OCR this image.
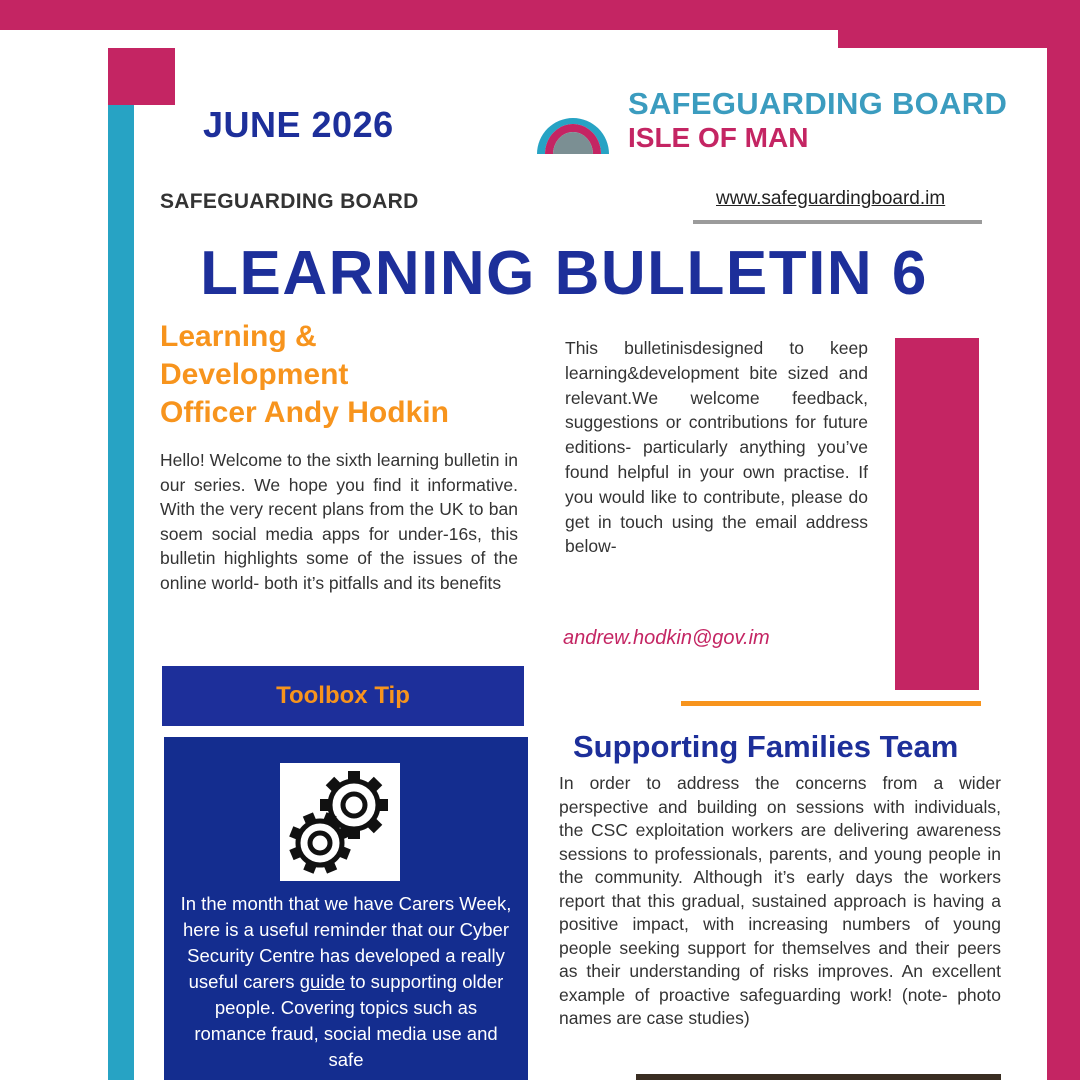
JUNE 2026
SAFEGUARDING BOARD
ISLE OF MAN
SAFEGUARDING BOARD	www.safeguardingboard.im
LEARNING BULLETIN 6
Learning &
Development
Officer Andy Hodkin
Hello! Welcome to the sixth learning bulletin in our series. We hope you find it informative. With the very recent plans from the UK to ban soem social media apps for under-16s, this bulletin highlights some of the issues of the online world- both it’s pitfalls and its benefits
This bulletinisdesigned to keep learning&development bite sized and relevant.We welcome feedback, suggestions or contributions for future editions- particularly anything you’ve found helpful in your own practise. If you would like to contribute, please do get in touch using the email address below-
andrew.hodkin@gov.im
Toolbox Tip
In the month that we have Carers Week, here is a useful reminder that our Cyber Security Centre has developed a really useful carers guide to supporting older people. Covering topics such as romance fraud, social media use and safe
Supporting Families Team
In order to address the concerns from a wider perspective and building on sessions with individuals, the CSC exploitation workers are delivering awareness sessions to professionals, parents, and young people in the community. Although it’s early days the workers report that this gradual, sustained approach is having a positive impact, with increasing numbers of young people seeking support for themselves and their peers as their understanding of risks improves. An excellent example of proactive safeguarding work! (note- photo names are case studies)
